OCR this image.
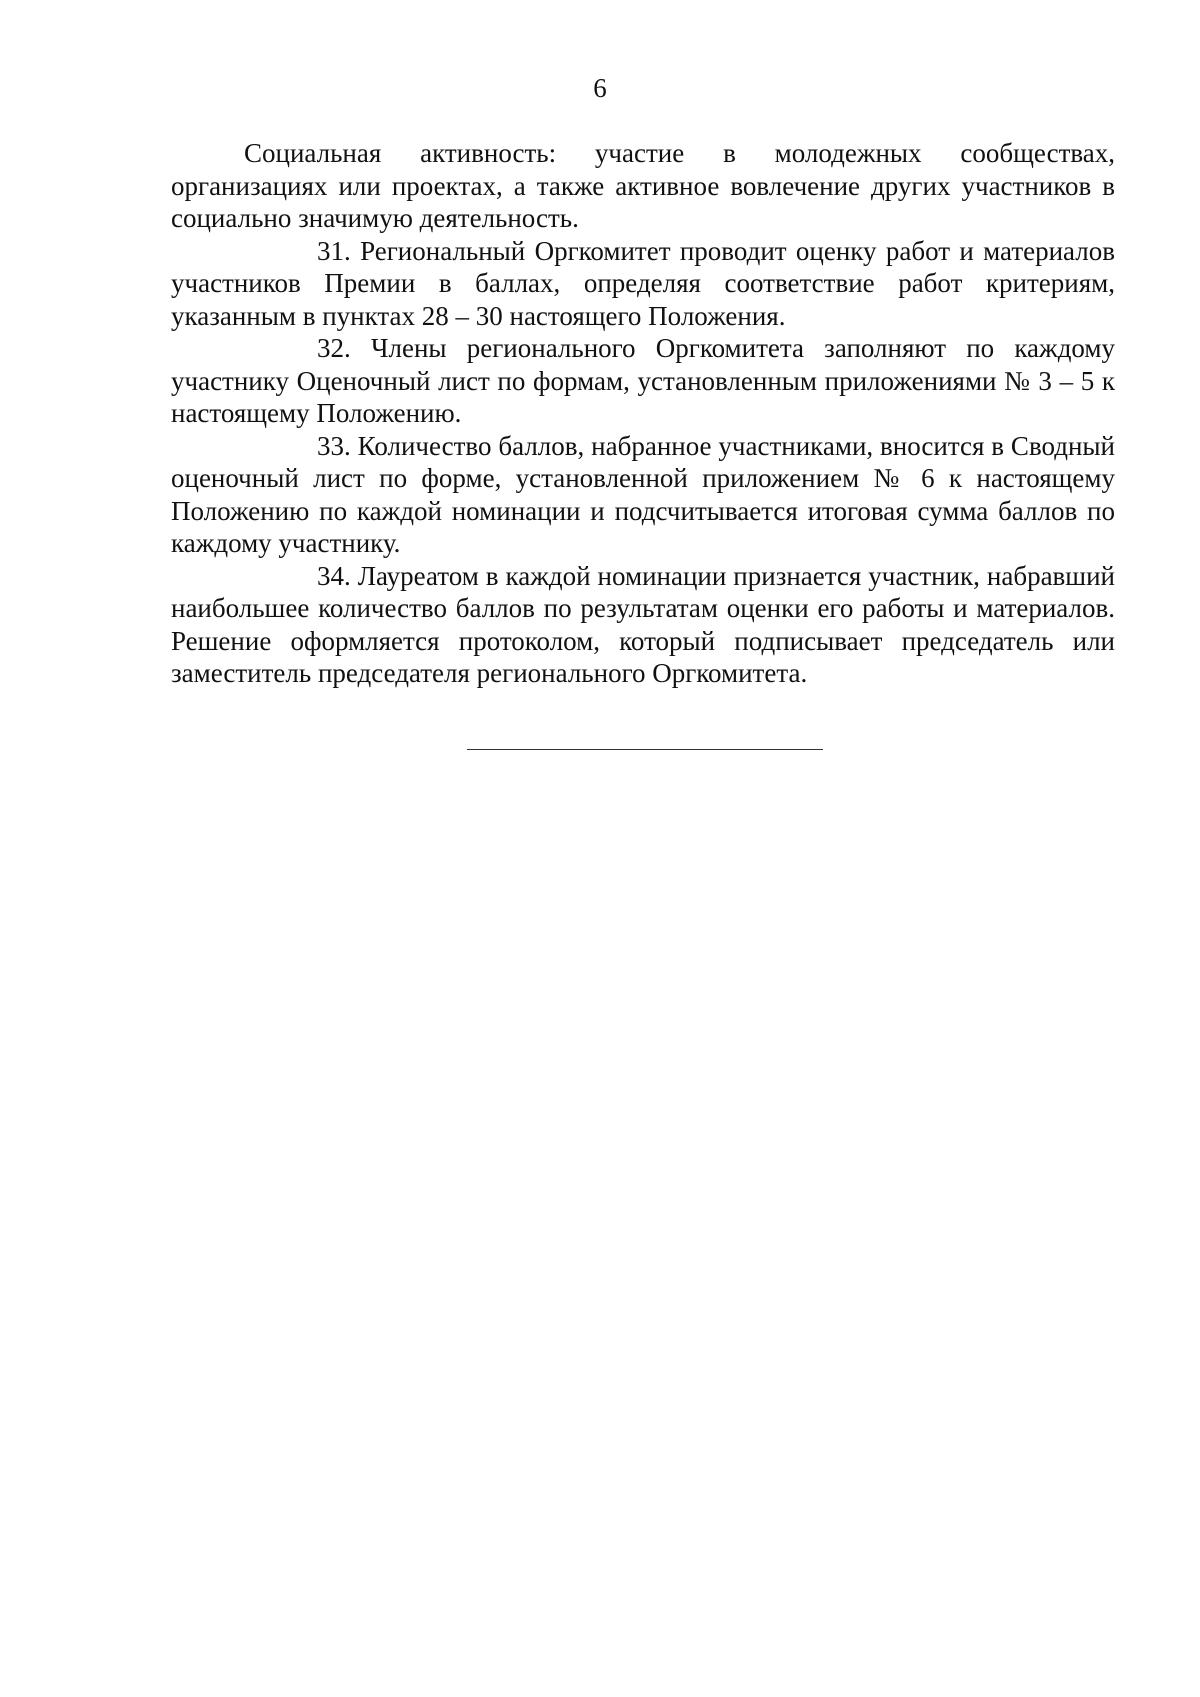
6

Социальная активность: участие в молодежных сообществах, организациях или проектах, а также активное вовлечение других участников в социально значимую деятельность.

31. Региональный Оргкомитет проводит оценку работ и материалов участников Премии в баллах, определяя соответствие работ критериям, указанным в пунктах 28 – 30 настоящего Положения.

32. Члены регионального Оргкомитета заполняют по каждому участнику Оценочный лист по формам, установленным приложениями № 3 – 5 к настоящему Положению.

33. Количество баллов, набранное участниками, вносится в Сводный оценочный лист по форме, установленной приложением № 6 к настоящему Положению по каждой номинации и подсчитывается итоговая сумма баллов по каждому участнику.

34. Лауреатом в каждой номинации признается участник, набравший наибольшее количество баллов по результатам оценки его работы и материалов. Решение оформляется протоколом, который подписывает председатель или заместитель председателя регионального Оргкомитета.
